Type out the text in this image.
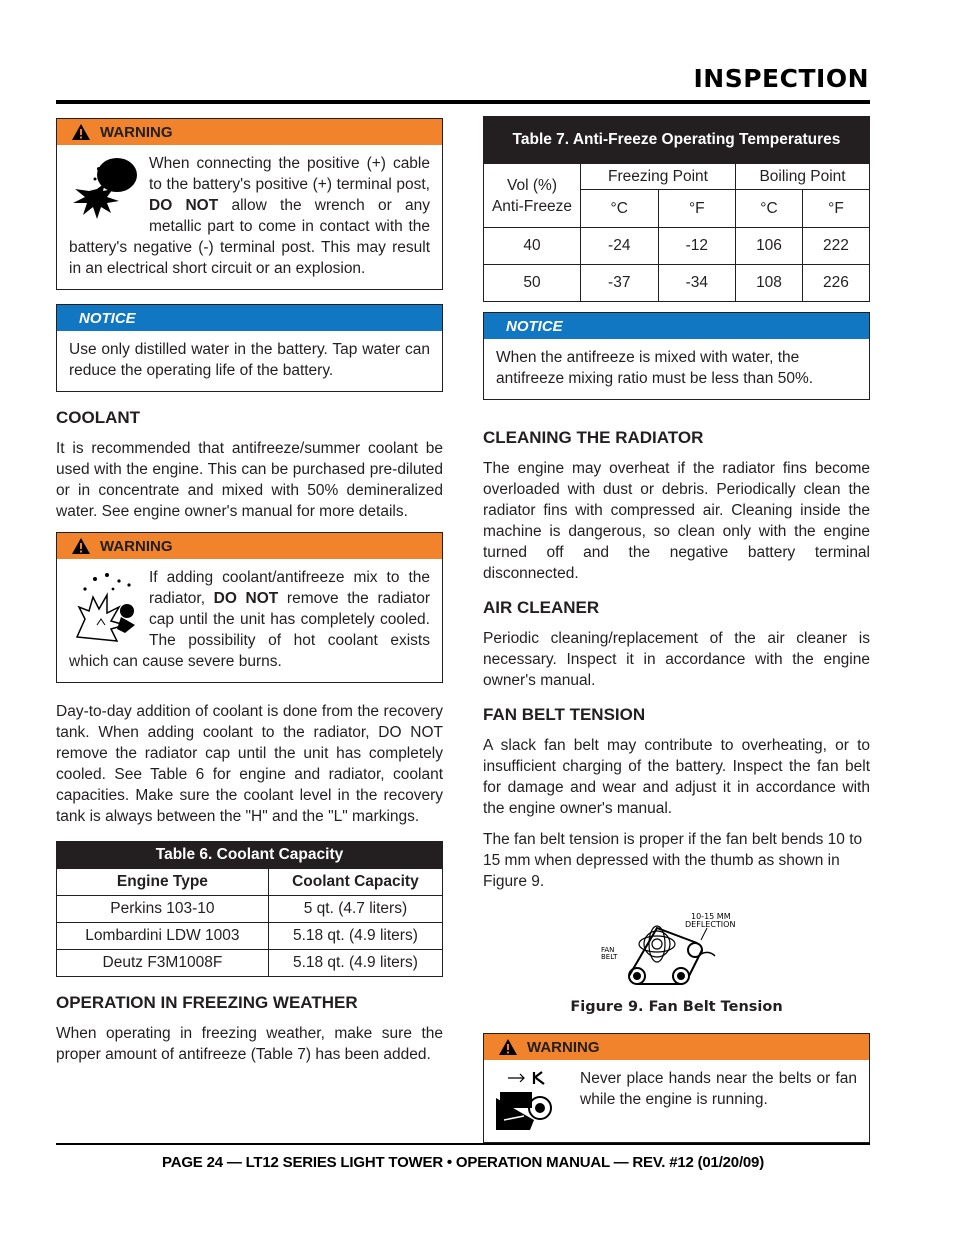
INSPECTION
WARNING
When connecting the positive (+) cable to the battery's positive (+) terminal post, DO NOT allow the wrench or any metallic part to come in contact with the battery's negative (-) terminal post. This may result in an electrical short circuit or an explosion.
NOTICE
Use only distilled water in the battery. Tap water can reduce the operating life of the battery.
COOLANT

It is recommended that antifreeze/summer coolant be used with the engine. This can be purchased pre-diluted or in concentrate and mixed with 50% demineralized water. See engine owner's manual for more details.

WARNING
If adding coolant/antifreeze mix to the radiator, DO NOT remove the radiator cap until the unit has completely cooled. The possibility of hot coolant exists which can cause severe burns.

Day-to-day addition of coolant is done from the recovery tank. When adding coolant to the radiator, DO NOT remove the radiator cap until the unit has completely cooled. See Table 6 for engine and radiator, coolant capacities. Make sure the coolant level in the recovery tank is always between the "H" and the "L" markings.

Table 6. Coolant Capacity	
Engine Type	Coolant Capacity
Perkins 103-10	5 qt. (4.7 liters)
Lombardini LDW 1003	5.18 qt. (4.9 liters)
Deutz F3M1008F	5.18 qt. (4.9 liters)
OPERATION IN FREEZING WEATHER

When operating in freezing weather, make sure the proper amount of antifreeze (Table 7) has been added.

Table 7. Anti-Freeze Operating Temperatures				
Vol (%)
Anti-Freeze	Freezing Point		Boiling Point	
	°C	°F	°C	°F
40	-24	-12	106	222
50	-37	-34	108	226
NOTICE
When the antifreeze is mixed with water, the antifreeze mixing ratio must be less than 50%.
CLEANING THE RADIATOR

The engine may overheat if the radiator fins become overloaded with dust or debris. Periodically clean the radiator fins with compressed air. Cleaning inside the machine is dangerous, so clean only with the engine turned off and the negative battery terminal disconnected.

AIR CLEANER

Periodic cleaning/replacement of the air cleaner is necessary. Inspect it in accordance with the engine owner's manual.

FAN BELT TENSION

A slack fan belt may contribute to overheating, or to insufficient charging of the battery. Inspect the fan belt for damage and wear and adjust it in accordance with the engine owner's manual.

The fan belt tension is proper if the fan belt bends 10 to 15 mm when depressed with the thumb as shown in Figure 9.

10-15 MM
DEFLECTION
FAN
BELT
Figure 9. Fan Belt Tension
WARNING
Never place hands near the belts or fan while the engine is running.
PAGE 24 — LT12 SERIES LIGHT TOWER • OPERATION MANUAL — REV. #12 (01/20/09)
